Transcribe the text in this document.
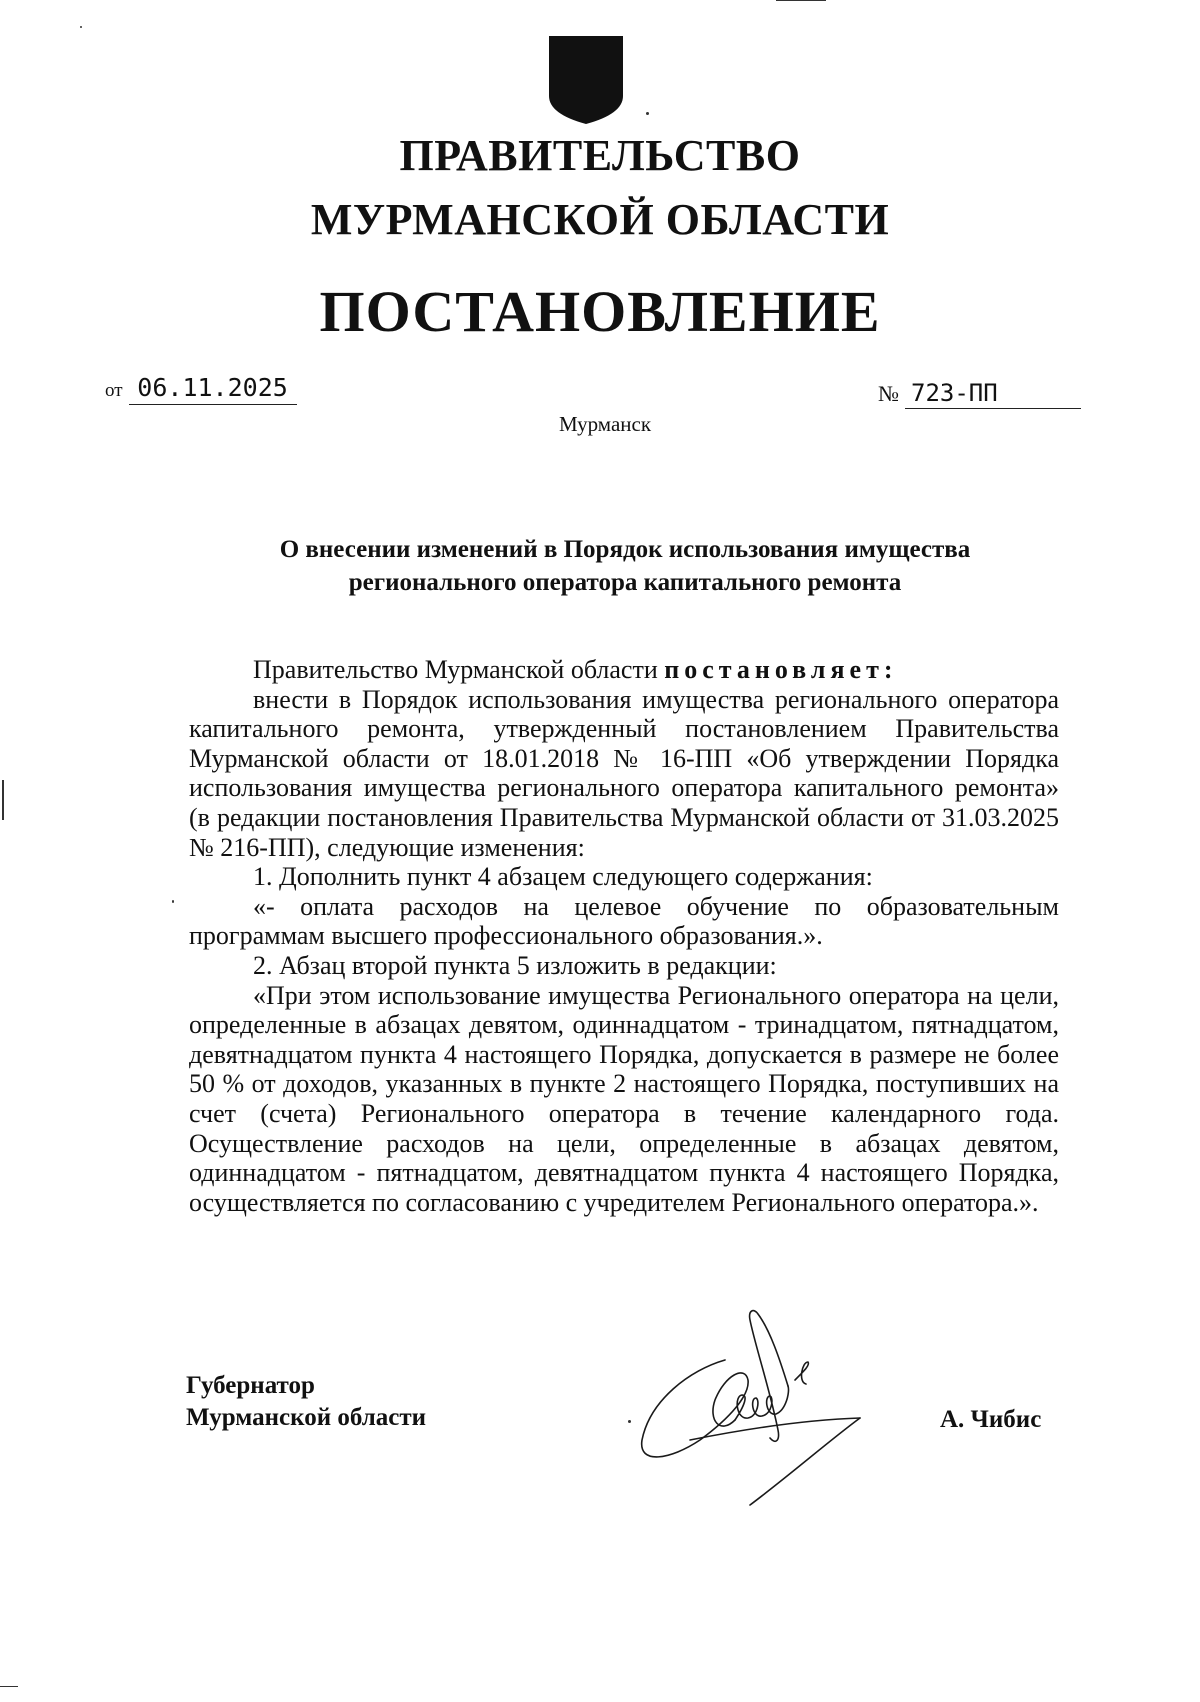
ПРАВИТЕЛЬСТВО
МУРМАНСКОЙ ОБЛАСТИ
ПОСТАНОВЛЕНИЕ
от 06.11.2025	№ 723-ПП
Мурманск
О внесении изменений в Порядок использования имущества
регионального оператора капитального ремонта

Правительство Мурманской области постановляет:

внести в Порядок использования имущества регионального оператора капитального ремонта, утвержденный постановлением Правительства Мурманской области от 18.01.2018 № 16-ПП «Об утверждении Порядка использования имущества регионального оператора капитального ремонта» (в редакции постановления Правительства Мурманской области от 31.03.2025 № 216-ПП), следующие изменения:

1. Дополнить пункт 4 абзацем следующего содержания:

«- оплата расходов на целевое обучение по образовательным программам высшего профессионального образования.».

2. Абзац второй пункта 5 изложить в редакции:

«При этом использование имущества Регионального оператора на цели, определенные в абзацах девятом, одиннадцатом - тринадцатом, пятнадцатом, девятнадцатом пункта 4 настоящего Порядка, допускается в размере не более 50 % от доходов, указанных в пункте 2 настоящего Порядка, поступивших на счет (счета) Регионального оператора в течение календарного года. Осуществление расходов на цели, определенные в абзацах девятом, одиннадцатом - пятнадцатом, девятнадцатом пункта 4 настоящего Порядка, осуществляется по согласованию с учредителем Регионального оператора.».

Губернатор
Мурманской области	А. Чибис
